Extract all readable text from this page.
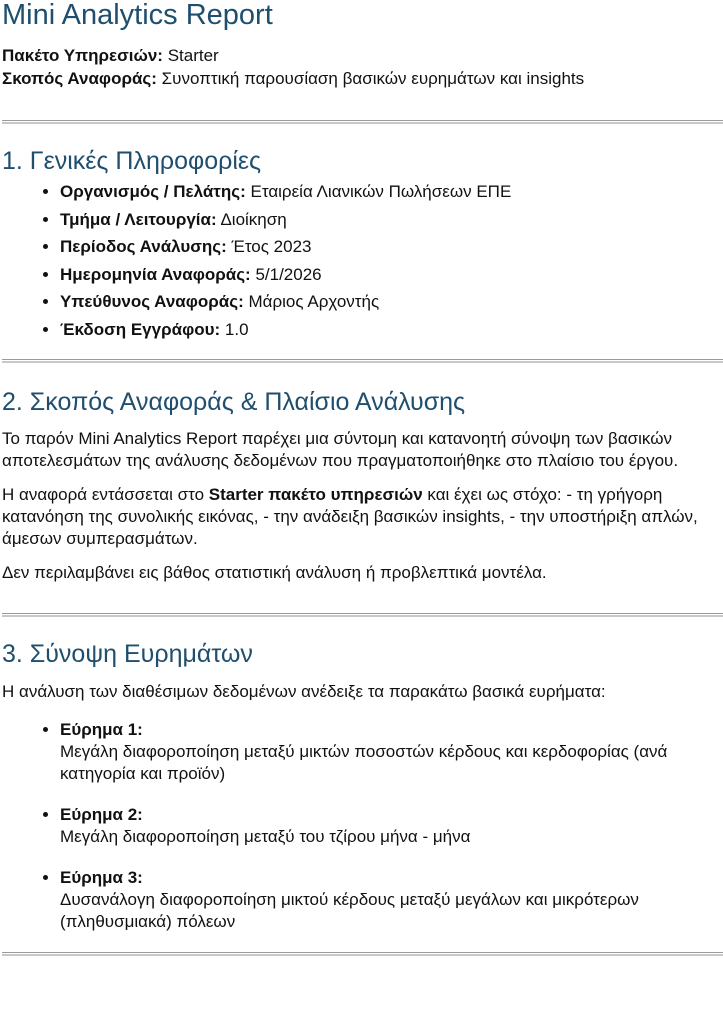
Mini Analytics Report

Πακέτο Υπηρεσιών: Starter

Σκοπός Αναφοράς: Συνοπτική παρουσίαση βασικών ευρημάτων και insights

1. Γενικές Πληροφορίες
• Οργανισμός / Πελάτης: Εταιρεία Λιανικών Πωλήσεων ΕΠΕ
• Τμήμα / Λειτουργία: Διοίκηση
• Περίοδος Ανάλυσης: Έτος 2023
• Ημερομηνία Αναφοράς: 5/1/2026
• Υπεύθυνος Αναφοράς: Μάριος Αρχοντής
• Έκδοση Εγγράφου: 1.0
2. Σκοπός Αναφοράς & Πλαίσιο Ανάλυσης

Το παρόν Mini Analytics Report παρέχει μια σύντομη και κατανοητή σύνοψη των βασικών αποτελεσμάτων της ανάλυσης δεδομένων που πραγματοποιήθηκε στο πλαίσιο του έργου.

Η αναφορά εντάσσεται στο Starter πακέτο υπηρεσιών και έχει ως στόχο: - τη γρήγορη κατανόηση της συνολικής εικόνας, - την ανάδειξη βασικών insights, - την υποστήριξη απλών, άμεσων συμπερασμάτων.

Δεν περιλαμβάνει εις βάθος στατιστική ανάλυση ή προβλεπτικά μοντέλα.

3. Σύνοψη Ευρημάτων

Η ανάλυση των διαθέσιμων δεδομένων ανέδειξε τα παρακάτω βασικά ευρήματα:

• Εύρημα 1:
Μεγάλη διαφοροποίηση μεταξύ μικτών ποσοστών κέρδους και κερδοφορίας (ανά κατηγορία και προϊόν)
• Εύρημα 2:
Μεγάλη διαφοροποίηση μεταξύ του τζίρου μήνα - μήνα
• Εύρημα 3:
Δυσανάλογη διαφοροποίηση μικτού κέρδους μεταξύ μεγάλων και μικρότερων (πληθυσμιακά) πόλεων
